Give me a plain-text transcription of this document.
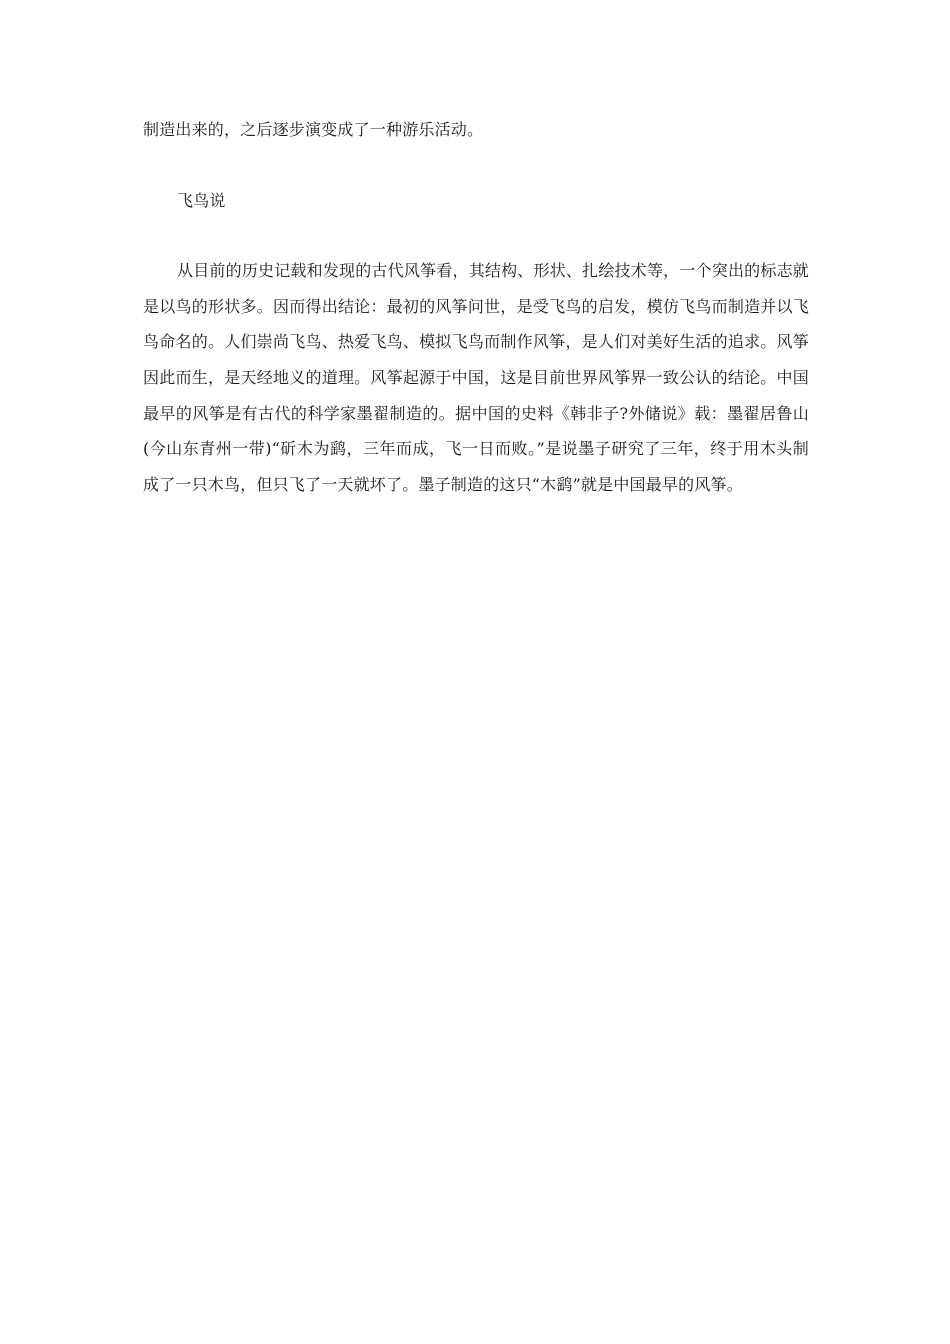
制造出来的，之后逐步演变成了一种游乐活动。

飞鸟说

从目前的历史记载和发现的古代风筝看，其结构、形状、扎绘技术等，一个突出的标志就是以鸟的形状多。因而得出结论：最初的风筝问世，是受飞鸟的启发，模仿飞鸟而制造并以飞鸟命名的。人们崇尚飞鸟、热爱飞鸟、模拟飞鸟而制作风筝，是人们对美好生活的追求。风筝因此而生，是天经地义的道理。风筝起源于中国，这是目前世界风筝界一致公认的结论。中国最早的风筝是有古代的科学家墨翟制造的。据中国的史料《韩非子?外储说》载：墨翟居鲁山(今山东青州一带)“斫木为鹞，三年而成，飞一日而败。”是说墨子研究了三年，终于用木头制成了一只木鸟，但只飞了一天就坏了。墨子制造的这只“木鹞”就是中国最早的风筝。
